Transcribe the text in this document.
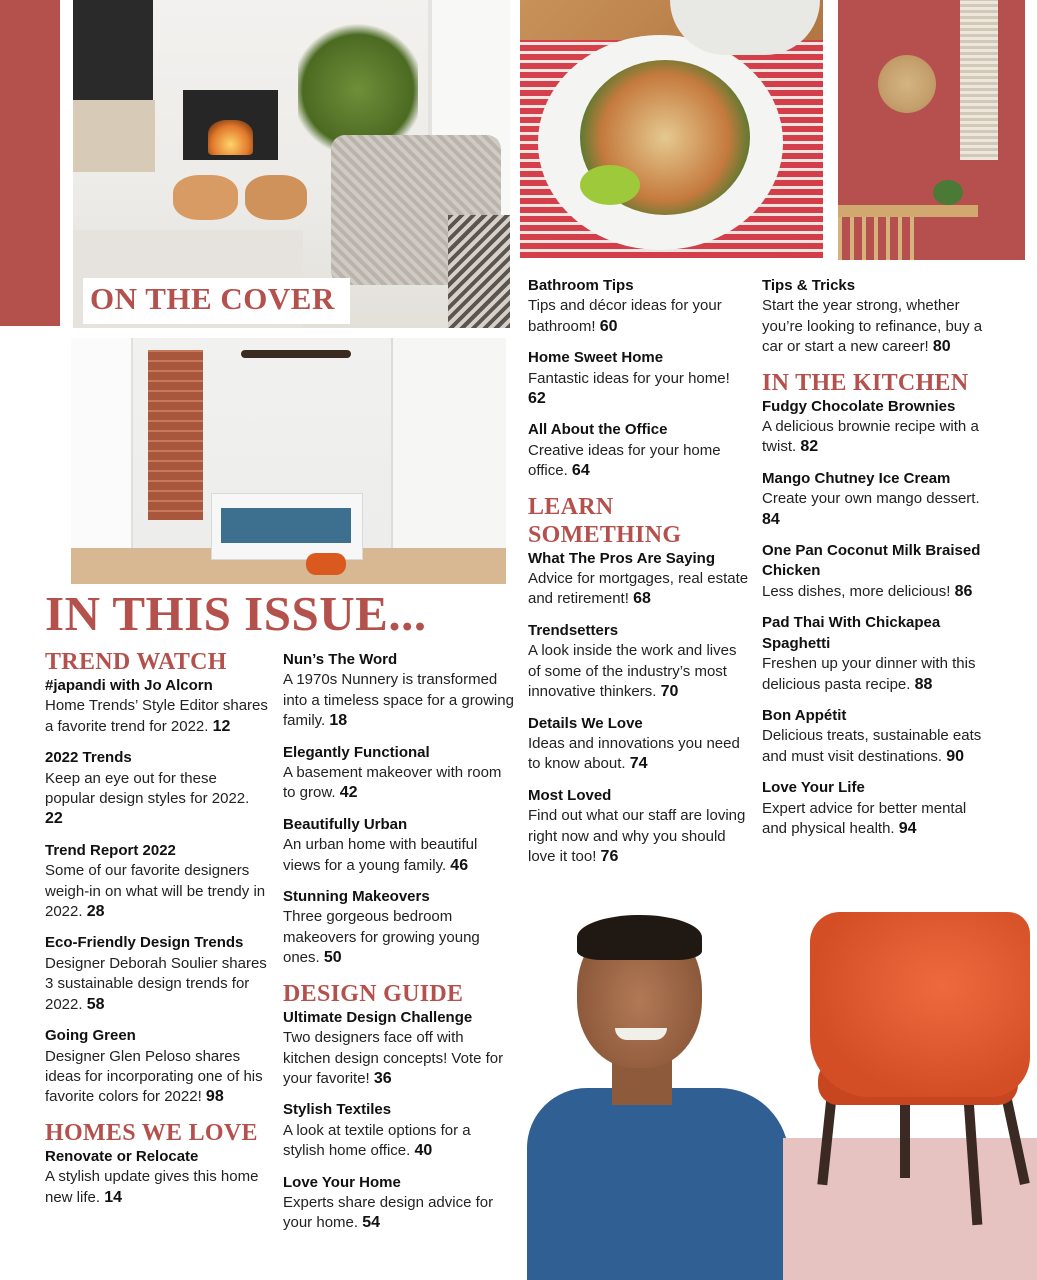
ON THE COVER
IN THIS ISSUE...
TREND WATCH
#japandi with Jo Alcorn
Home Trends’ Style Editor shares a favorite trend for 2022. 12
2022 Trends
Keep an eye out for these popular design styles for 2022. 22
Trend Report 2022
Some of our favorite designers weigh-in on what will be trendy in 2022. 28
Eco-Friendly Design Trends
Designer Deborah Soulier shares 3 sustainable design trends for 2022. 58
Going Green
Designer Glen Peloso shares ideas for incorporating one of his favorite colors for 2022! 98
HOMES WE LOVE
Renovate or Relocate
A stylish update gives this home new life. 14
Nun’s The Word
A 1970s Nunnery is transformed into a timeless space for a growing family. 18
Elegantly Functional
A basement makeover with room to grow. 42
Beautifully Urban
An urban home with beautiful views for a young family. 46
Stunning Makeovers
Three gorgeous bedroom makeovers for growing young ones. 50
DESIGN GUIDE
Ultimate Design Challenge
Two designers face off with kitchen design concepts! Vote for your favorite! 36
Stylish Textiles
A look at textile options for a stylish home office. 40
Love Your Home
Experts share design advice for your home. 54
Bathroom Tips
Tips and décor ideas for your bathroom! 60
Home Sweet Home
Fantastic ideas for your home! 62
All About the Office
Creative ideas for your home office. 64
LEARN SOMETHING
What The Pros Are Saying
Advice for mortgages, real estate and retirement! 68
Trendsetters
A look inside the work and lives of some of the industry’s most innovative thinkers. 70
Details We Love
Ideas and innovations you need to know about. 74
Most Loved
Find out what our staff are loving right now and why you should love it too! 76
Tips & Tricks
Start the year strong, whether you’re looking to refinance, buy a car or start a new career! 80
IN THE KITCHEN
Fudgy Chocolate Brownies
A delicious brownie recipe with a twist. 82
Mango Chutney Ice Cream
Create your own mango dessert. 84
One Pan Coconut Milk Braised Chicken
Less dishes, more delicious! 86
Pad Thai With Chickapea Spaghetti
Freshen up your dinner with this delicious pasta recipe. 88
Bon Appétit
Delicious treats, sustainable eats and must visit destinations. 90
Love Your Life
Expert advice for better mental and physical health. 94
